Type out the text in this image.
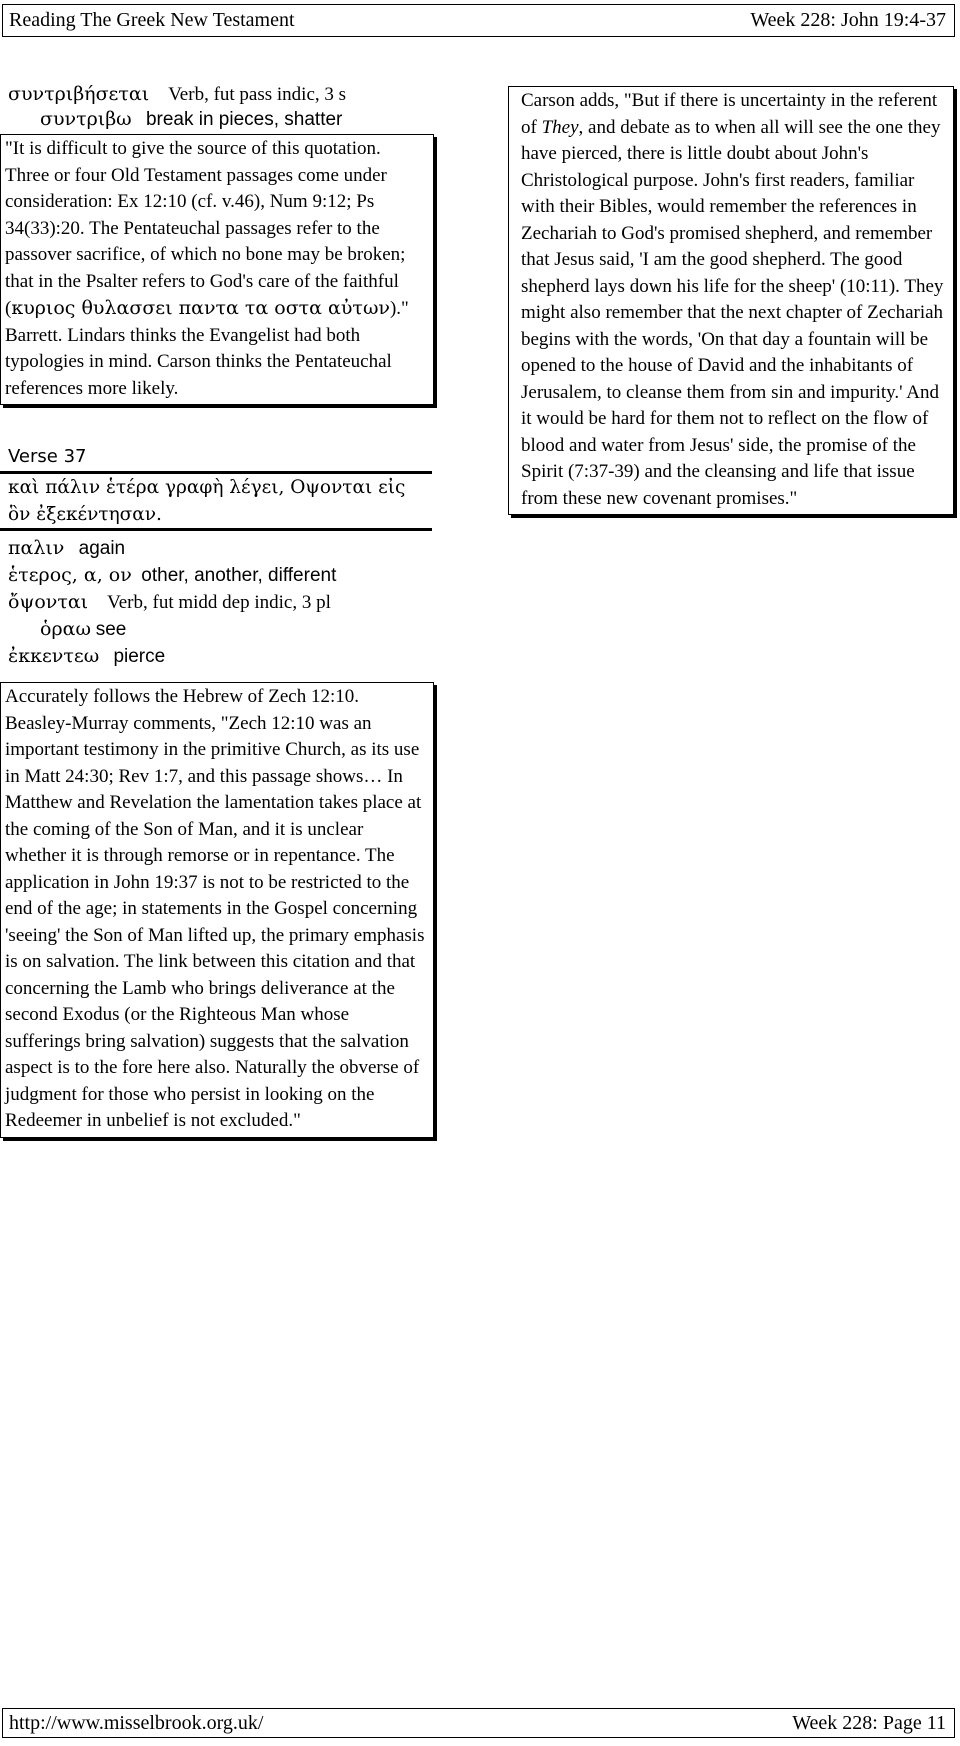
Reading The Greek New Testament	Week 228: John 19:4-37
συντριβήσεται Verb, fut pass indic, 3 s
συντριβω break in pieces, shatter
"It is difficult to give the source of this quotation. Three or four Old Testament passages come under consideration: Ex 12:10 (cf. v.46), Num 9:12; Ps 34(33):20. The Pentateuchal passages refer to the passover sacrifice, of which no bone may be broken; that in the Psalter refers to God's care of the faithful (κυριος θυλασσει παντα τα οστα αὐτων)." Barrett. Lindars thinks the Evangelist had both typologies in mind. Carson thinks the Pentateuchal references more likely.
Verse 37
καὶ πάλιν ἑτέρα γραφὴ λέγει, Οψονται εἰς ὃν ἐξεκέντησαν.
παλιν again
ἑτερος, α, ον other, another, different
ὄψονται Verb, fut midd dep indic, 3 pl
ὁραω see
ἐκκεντεω pierce
Accurately follows the Hebrew of Zech 12:10. Beasley-Murray comments, "Zech 12:10 was an important testimony in the primitive Church, as its use in Matt 24:30; Rev 1:7, and this passage shows… In Matthew and Revelation the lamentation takes place at the coming of the Son of Man, and it is unclear whether it is through remorse or in repentance. The application in John 19:37 is not to be restricted to the end of the age; in statements in the Gospel concerning 'seeing' the Son of Man lifted up, the primary emphasis is on salvation. The link between this citation and that concerning the Lamb who brings deliverance at the second Exodus (or the Righteous Man whose sufferings bring salvation) suggests that the salvation aspect is to the fore here also. Naturally the obverse of judgment for those who persist in looking on the Redeemer in unbelief is not excluded."
Carson adds, "But if there is uncertainty in the referent of They, and debate as to when all will see the one they have pierced, there is little doubt about John's Christological purpose. John's first readers, familiar with their Bibles, would remember the references in Zechariah to God's promised shepherd, and remember that Jesus said, 'I am the good shepherd. The good shepherd lays down his life for the sheep' (10:11). They might also remember that the next chapter of Zechariah begins with the words, 'On that day a fountain will be opened to the house of David and the inhabitants of Jerusalem, to cleanse them from sin and impurity.' And it would be hard for them not to reflect on the flow of blood and water from Jesus' side, the promise of the Spirit (7:37-39) and the cleansing and life that issue from these new covenant promises."
http://www.misselbrook.org.uk/	Week 228: Page 11
